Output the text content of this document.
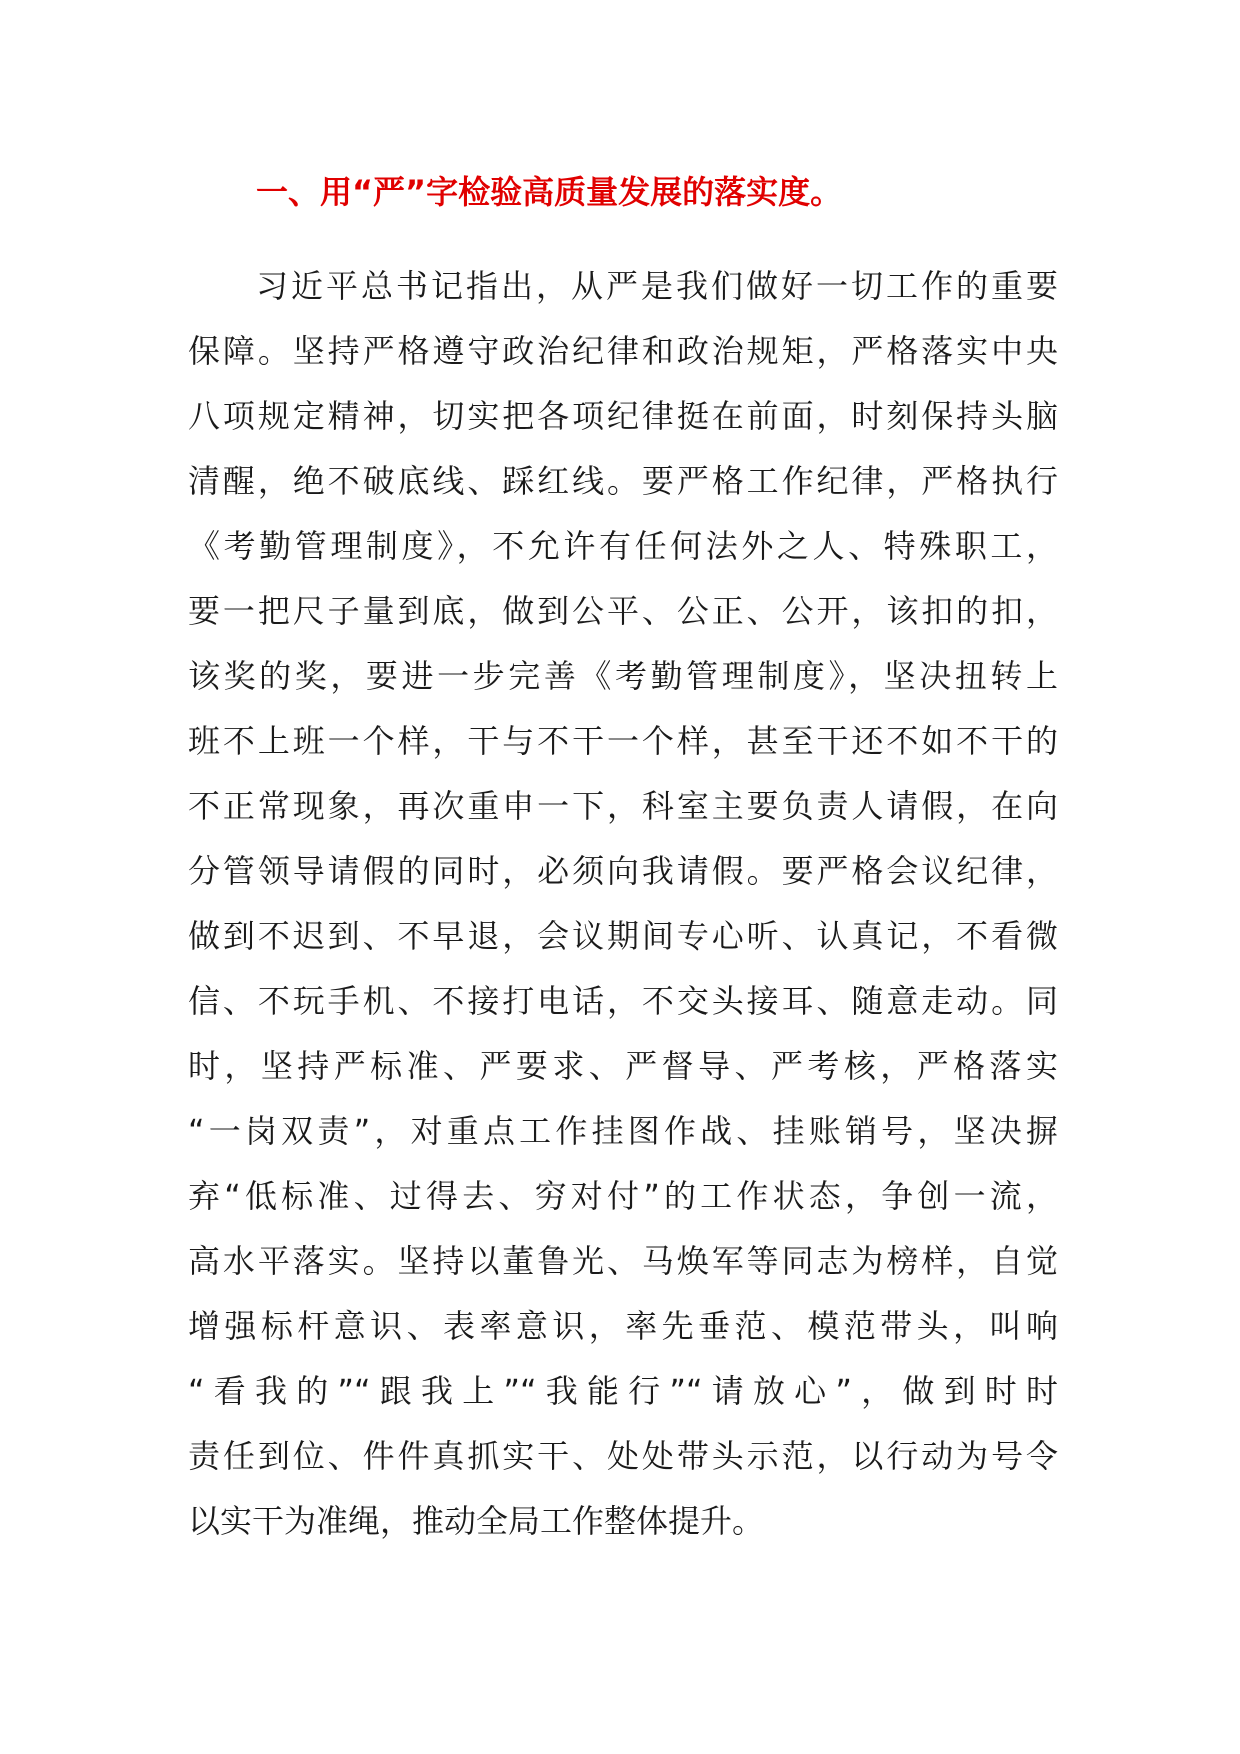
一、用“严”字检验高质量发展的落实度。
习近平总书记指出，从严是我们做好一切工作的重要
保障。坚持严格遵守政治纪律和政治规矩，严格落实中央
八项规定精神，切实把各项纪律挺在前面，时刻保持头脑
清醒，绝不破底线、踩红线。要严格工作纪律，严格执行
《考勤管理制度》，不允许有任何法外之人、特殊职工，
要一把尺子量到底，做到公平、公正、公开，该扣的扣，
该奖的奖，要进一步完善《考勤管理制度》，坚决扭转上
班不上班一个样，干与不干一个样，甚至干还不如不干的
不正常现象，再次重申一下，科室主要负责人请假，在向
分管领导请假的同时，必须向我请假。要严格会议纪律，
做到不迟到、不早退，会议期间专心听、认真记，不看微
信、不玩手机、不接打电话，不交头接耳、随意走动。同
时，坚持严标准、严要求、严督导、严考核，严格落实
“一岗双责”，对重点工作挂图作战、挂账销号，坚决摒
弃“低标准、过得去、穷对付”的工作状态，争创一流，
高水平落实。坚持以董鲁光、马焕军等同志为榜样，自觉
增强标杆意识、表率意识，率先垂范、模范带头，叫响
“看我的”“跟我上”“我能行”“请放心”，做到时时
责任到位、件件真抓实干、处处带头示范，以行动为号令
以实干为准绳，推动全局工作整体提升。
